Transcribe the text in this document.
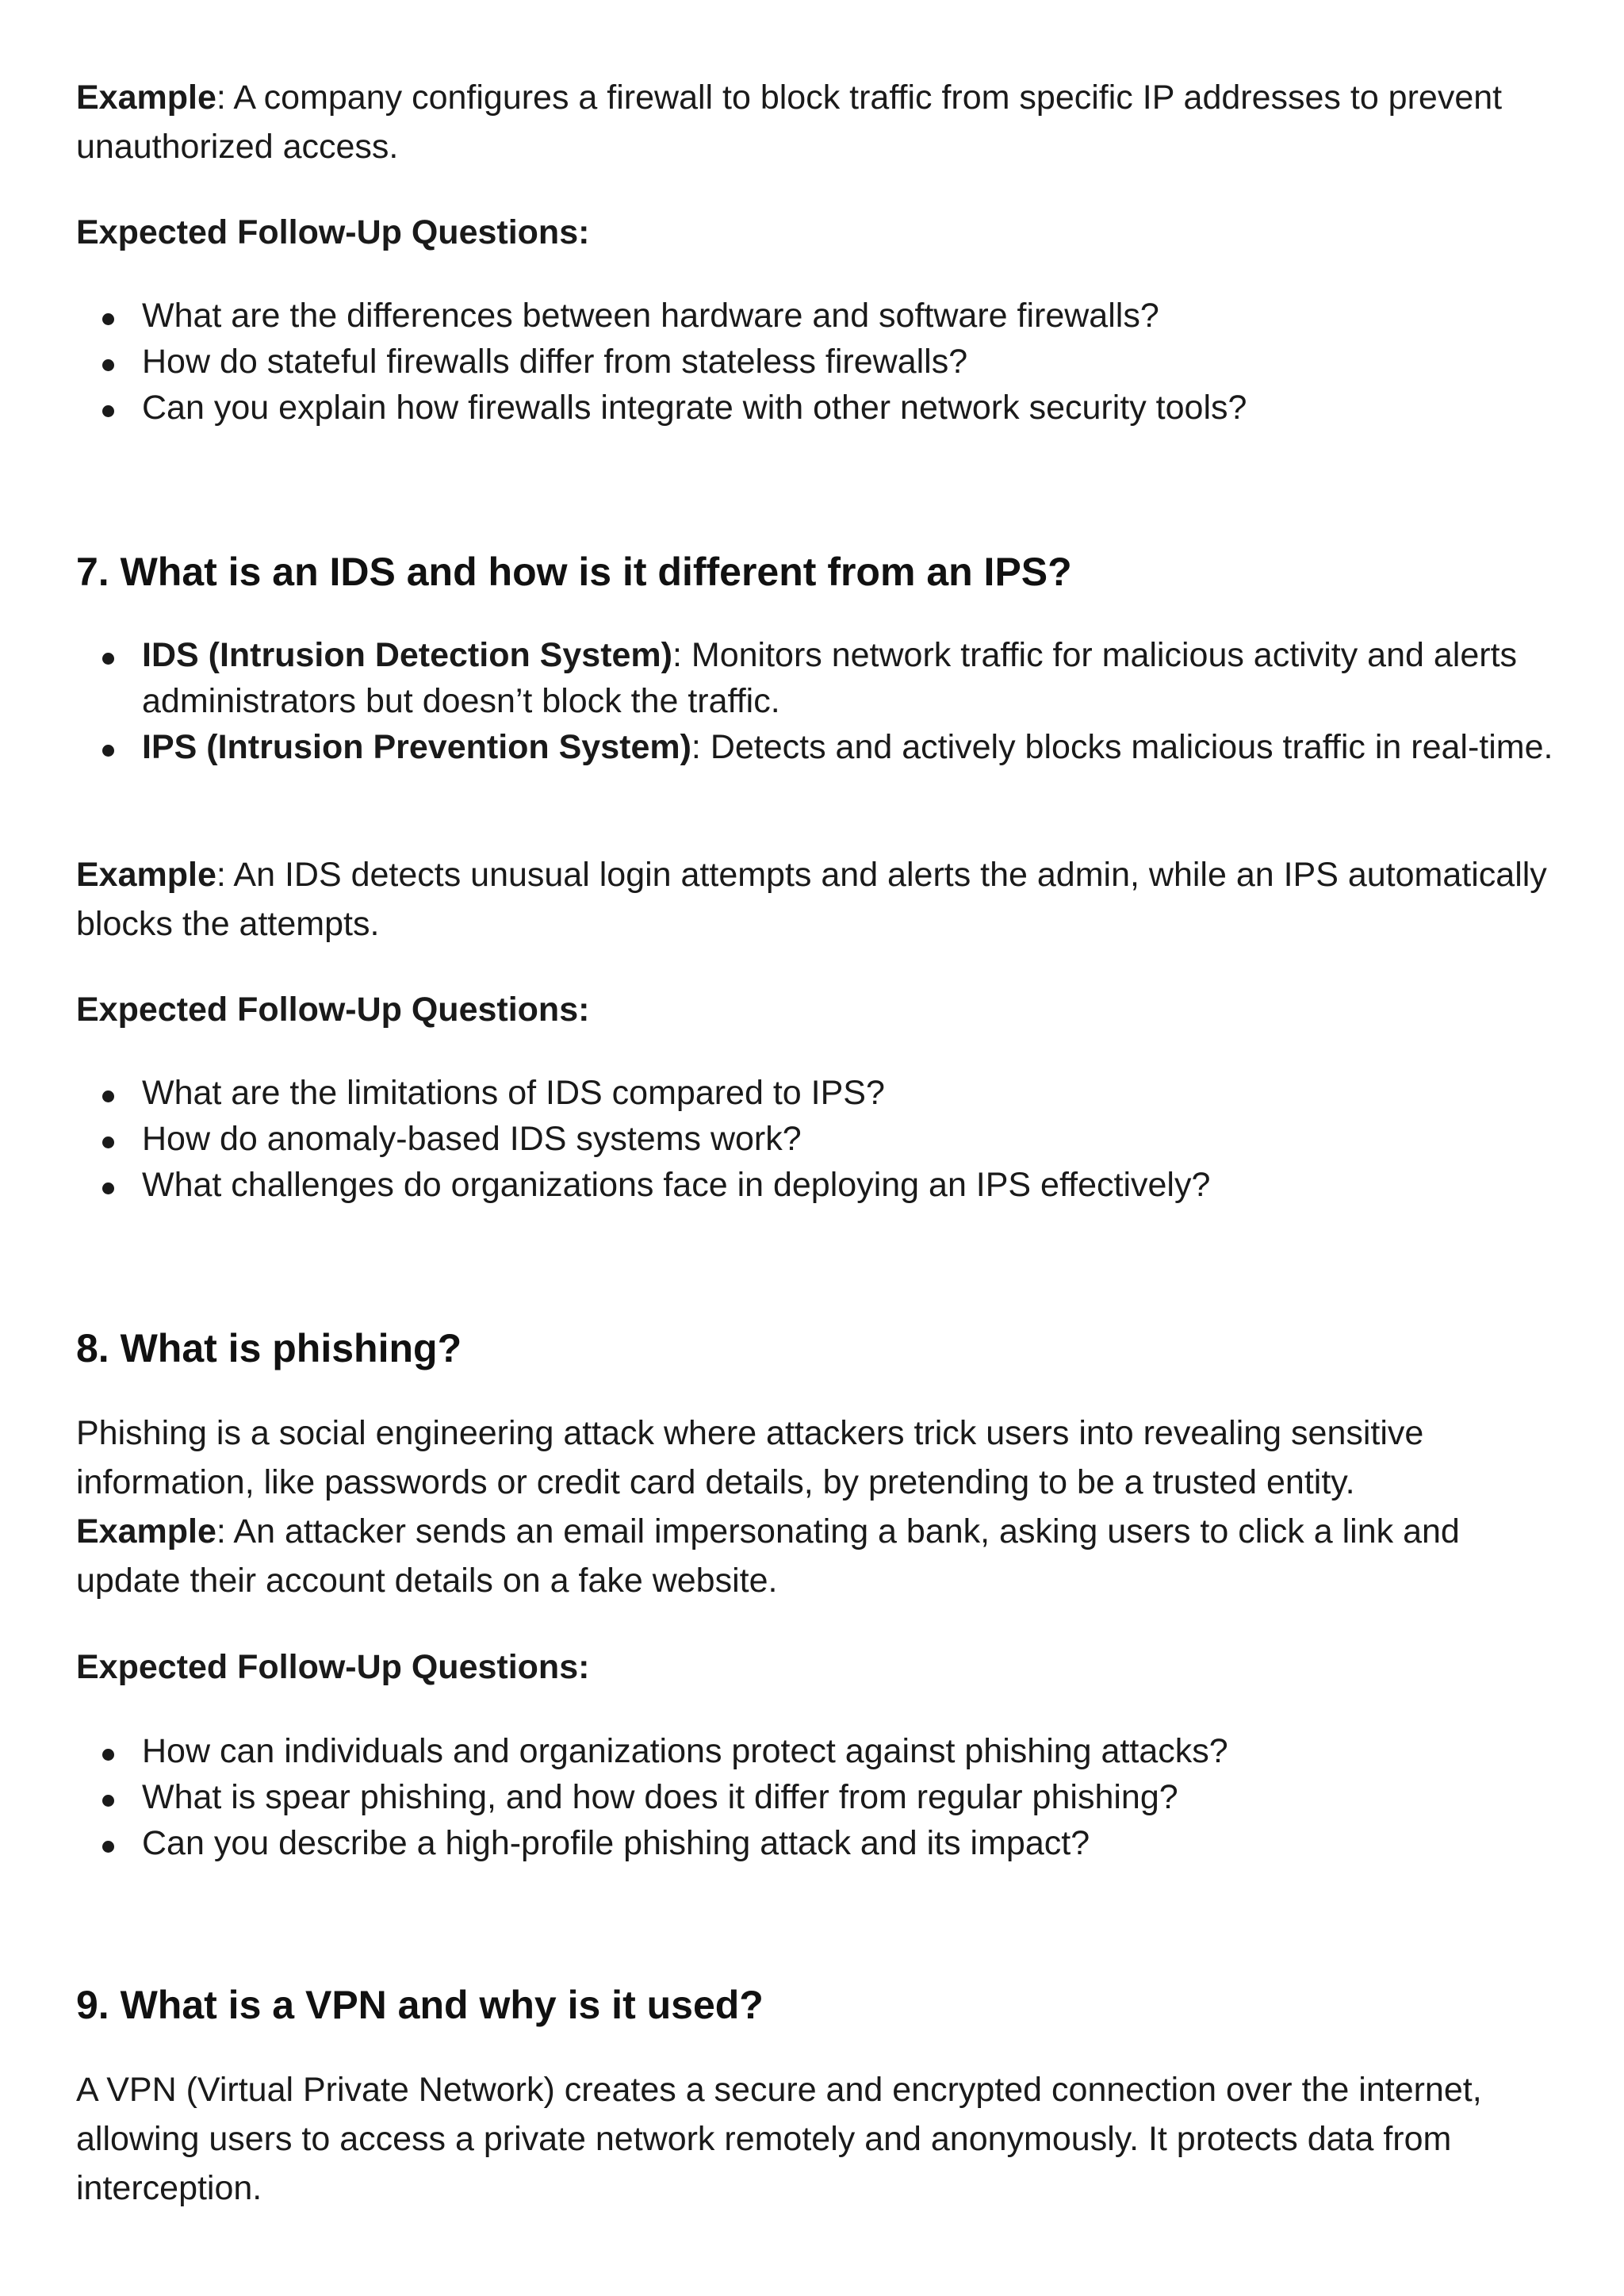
Example: A company configures a firewall to block traffic from specific IP addresses to prevent unauthorized access.

Expected Follow-Up Questions:
What are the differences between hardware and software firewalls?
How do stateful firewalls differ from stateless firewalls?
Can you explain how firewalls integrate with other network security tools?
7. What is an IDS and how is it different from an IPS?
IDS (Intrusion Detection System): Monitors network traffic for malicious activity and alerts administrators but doesn’t block the traffic.
IPS (Intrusion Prevention System): Detects and actively blocks malicious traffic in real-time.

Example: An IDS detects unusual login attempts and alerts the admin, while an IPS automatically blocks the attempts.

Expected Follow-Up Questions:
What are the limitations of IDS compared to IPS?
How do anomaly-based IDS systems work?
What challenges do organizations face in deploying an IPS effectively?
8. What is phishing?

Phishing is a social engineering attack where attackers trick users into revealing sensitive information, like passwords or credit card details, by pretending to be a trusted entity.
Example: An attacker sends an email impersonating a bank, asking users to click a link and update their account details on a fake website.

Expected Follow-Up Questions:
How can individuals and organizations protect against phishing attacks?
What is spear phishing, and how does it differ from regular phishing?
Can you describe a high-profile phishing attack and its impact?
9. What is a VPN and why is it used?

A VPN (Virtual Private Network) creates a secure and encrypted connection over the internet, allowing users to access a private network remotely and anonymously. It protects data from interception.
